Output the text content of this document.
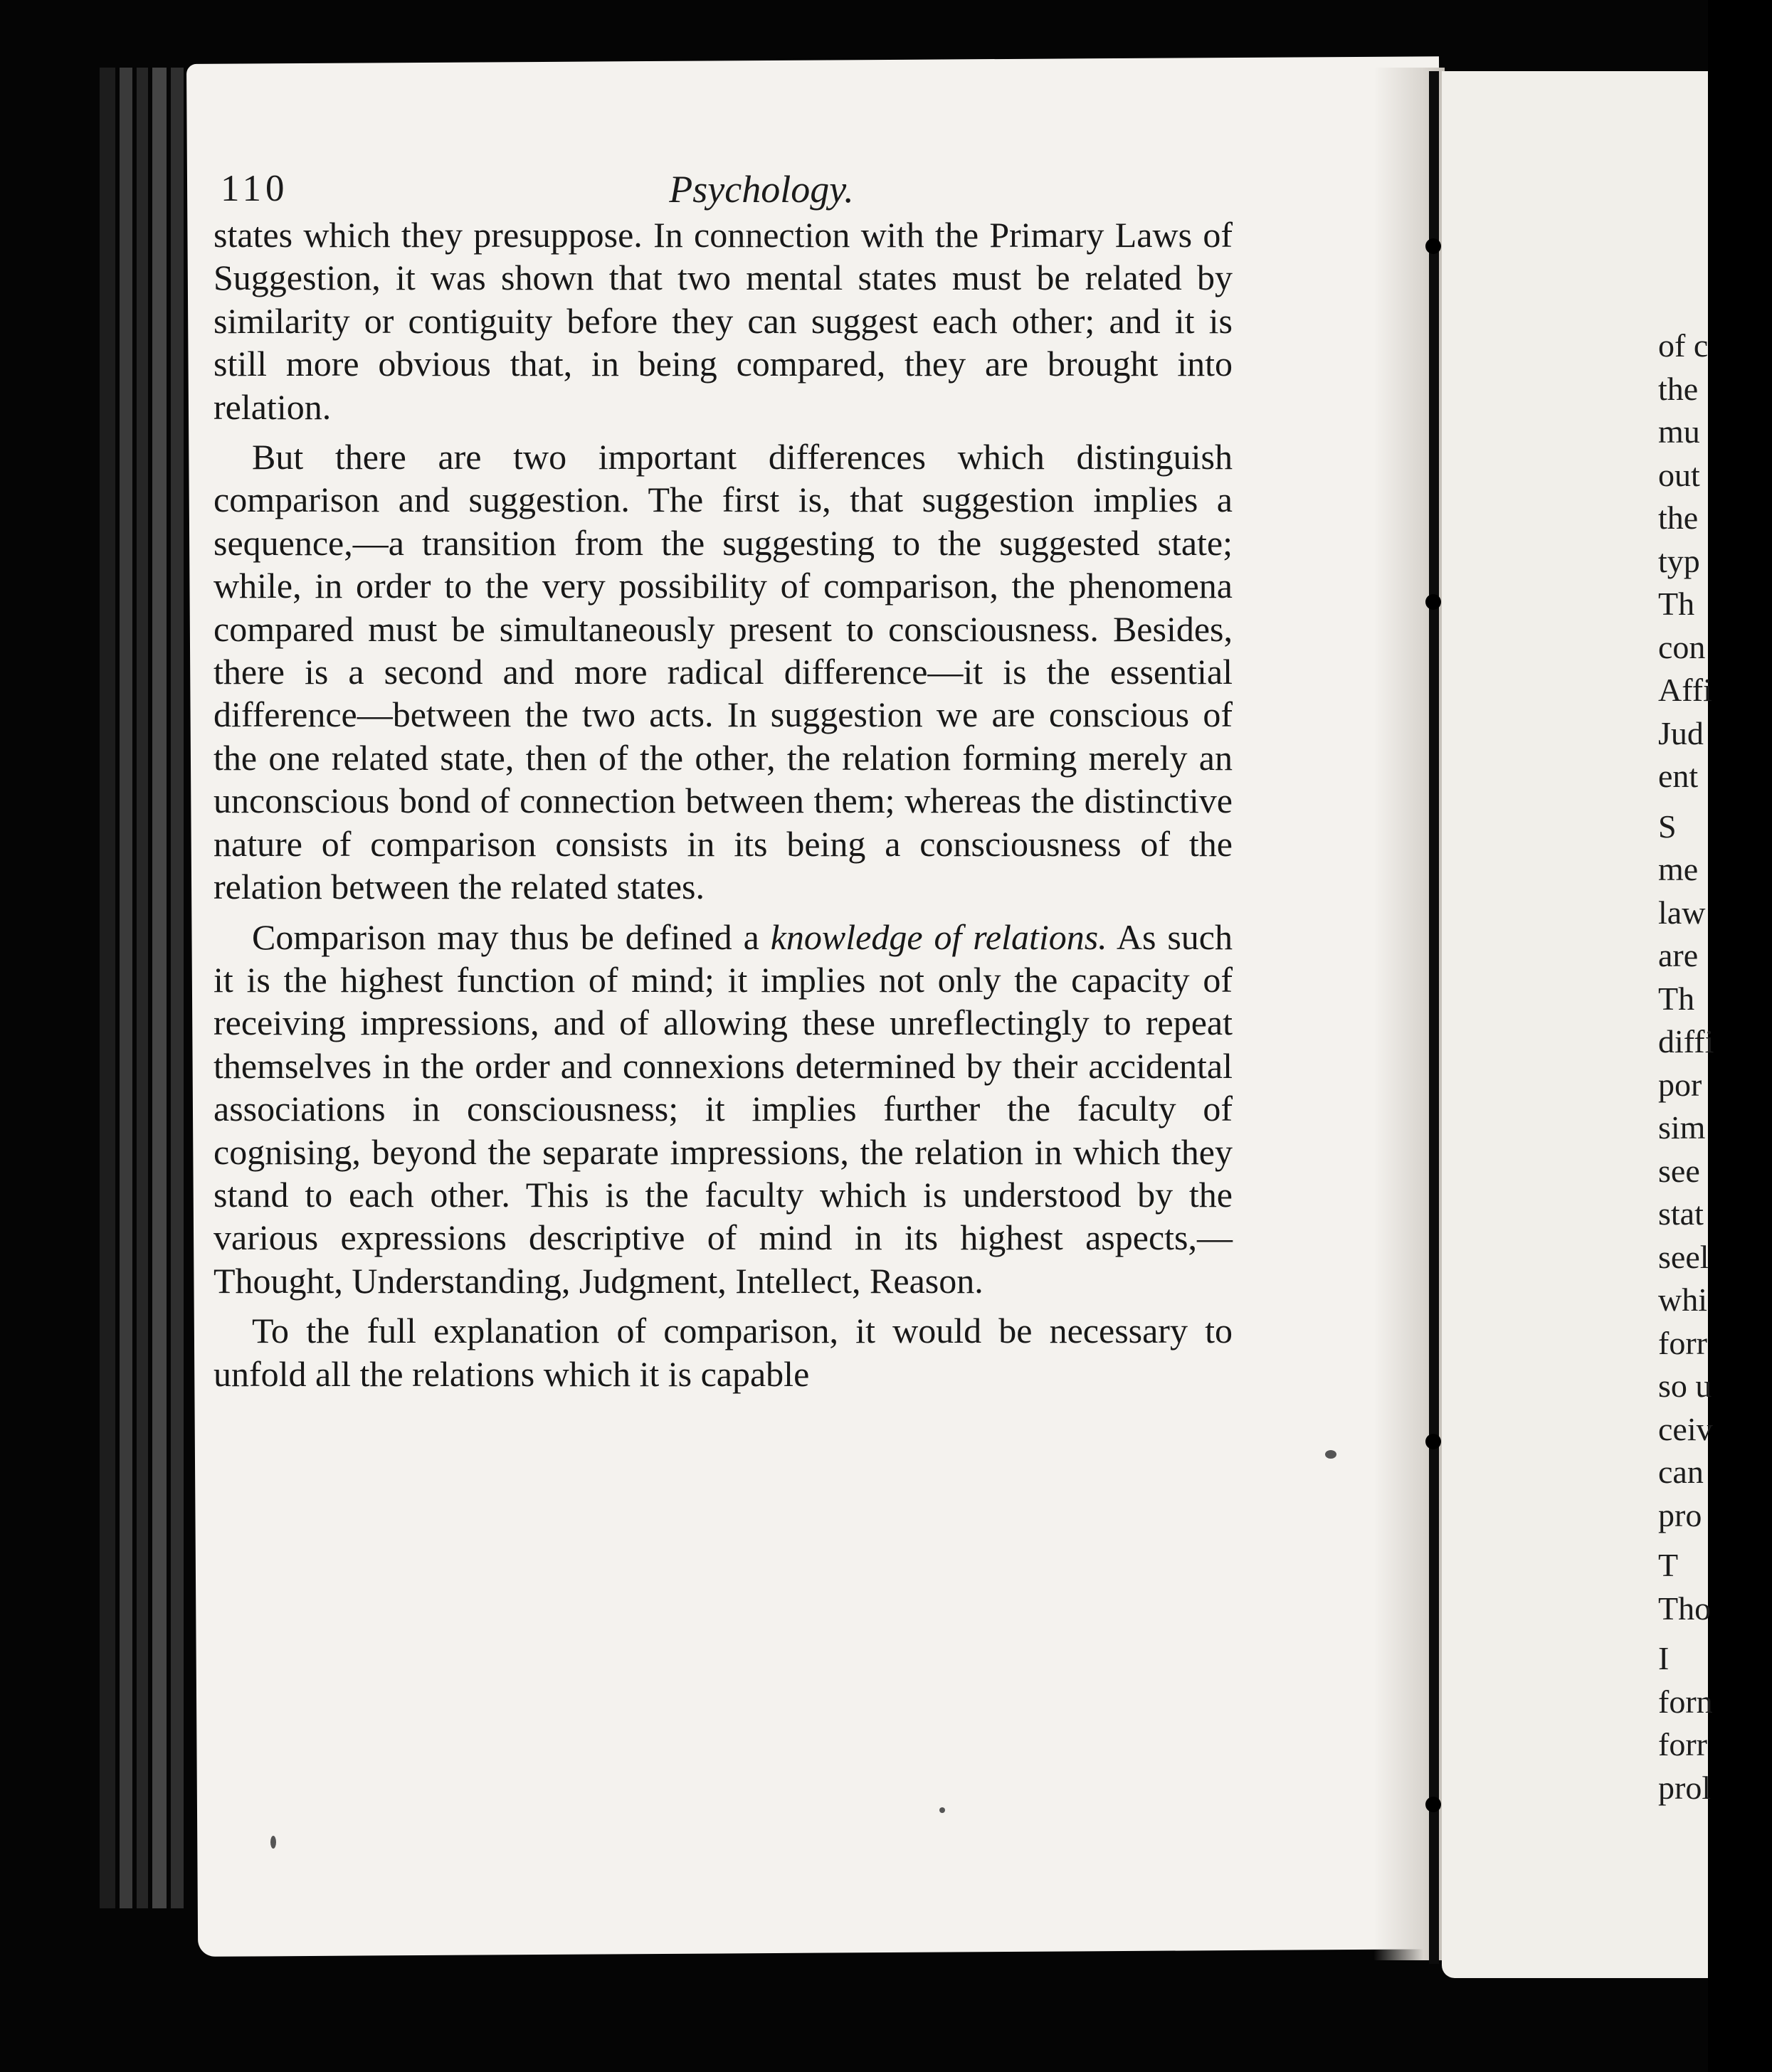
110	Psychology.

states which they presuppose. In connection with the Primary Laws of Suggestion, it was shown that two mental states must be related by similarity or contiguity before they can suggest each other; and it is still more obvious that, in being compared, they are brought into relation.

But there are two important differences which distinguish comparison and suggestion. The first is, that suggestion implies a sequence,—a transition from the suggesting to the suggested state; while, in order to the very possibility of comparison, the phenomena compared must be simultaneously present to consciousness. Besides, there is a second and more radical difference—it is the essential difference—between the two acts. In suggestion we are conscious of the one related state, then of the other, the relation forming merely an unconscious bond of connection between them; whereas the distinctive nature of comparison consists in its being a consciousness of the relation between the related states.

Comparison may thus be defined a knowledge of relations. As such it is the highest function of mind; it implies not only the capacity of receiving impressions, and of allowing these unreflectingly to repeat themselves in the order and connexions determined by their accidental associations in consciousness; it implies further the faculty of cognising, beyond the separate impressions, the relation in which they stand to each other. This is the faculty which is understood by the various expressions descriptive of mind in its highest aspects,—Thought, Understanding, Judgment, Intellect, Reason.

To the full explanation of comparison, it would be necessary to unfold all the relations which it is capable

of c
the
mu
out
the
typ
Th
con
Affi
Jud
ent
S
me
law
are
Th
diffi
por
sim
see
stat
seel
whi
forr
so u
ceiv
can
pro
T
Tho
I
forn
forr
prol
